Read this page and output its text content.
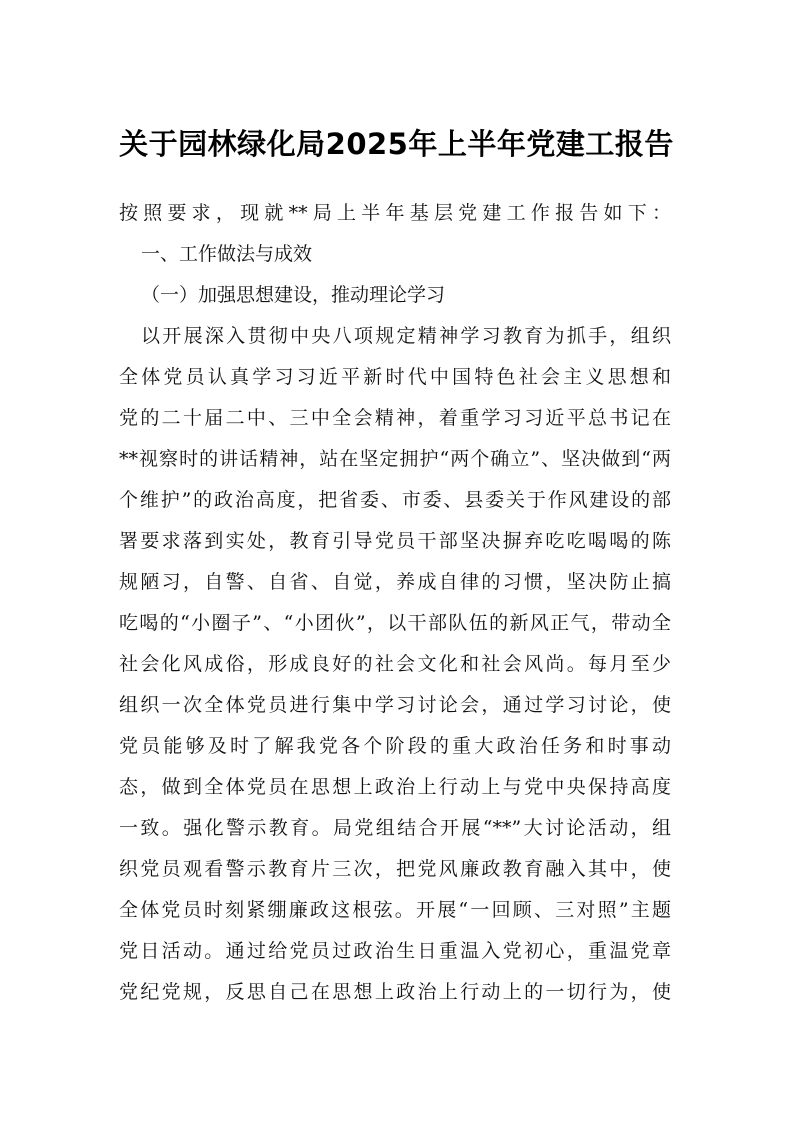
关于园林绿化局2025年上半年党建工报告
按照要求，现就**局上半年基层党建工作报告如下：
一、工作做法与成效
（一）加强思想建设，推动理论学习
以开展深入贯彻中央八项规定精神学习教育为抓手，组织
全体党员认真学习习近平新时代中国特色社会主义思想和
党的二十届二中、三中全会精神，着重学习习近平总书记在
**视察时的讲话精神，站在坚定拥护“两个确立”、坚决做到“两
个维护”的政治高度，把省委、市委、县委关于作风建设的部
署要求落到实处，教育引导党员干部坚决摒弃吃吃喝喝的陈
规陋习，自警、自省、自觉，养成自律的习惯，坚决防止搞
吃喝的“小圈子”、“小团伙”，以干部队伍的新风正气，带动全
社会化风成俗，形成良好的社会文化和社会风尚。每月至少
组织一次全体党员进行集中学习讨论会，通过学习讨论，使
党员能够及时了解我党各个阶段的重大政治任务和时事动
态，做到全体党员在思想上政治上行动上与党中央保持高度
一致。强化警示教育。局党组结合开展“**”大讨论活动，组
织党员观看警示教育片三次，把党风廉政教育融入其中，使
全体党员时刻紧绷廉政这根弦。开展“一回顾、三对照”主题
党日活动。通过给党员过政治生日重温入党初心，重温党章
党纪党规，反思自己在思想上政治上行动上的一切行为，使
